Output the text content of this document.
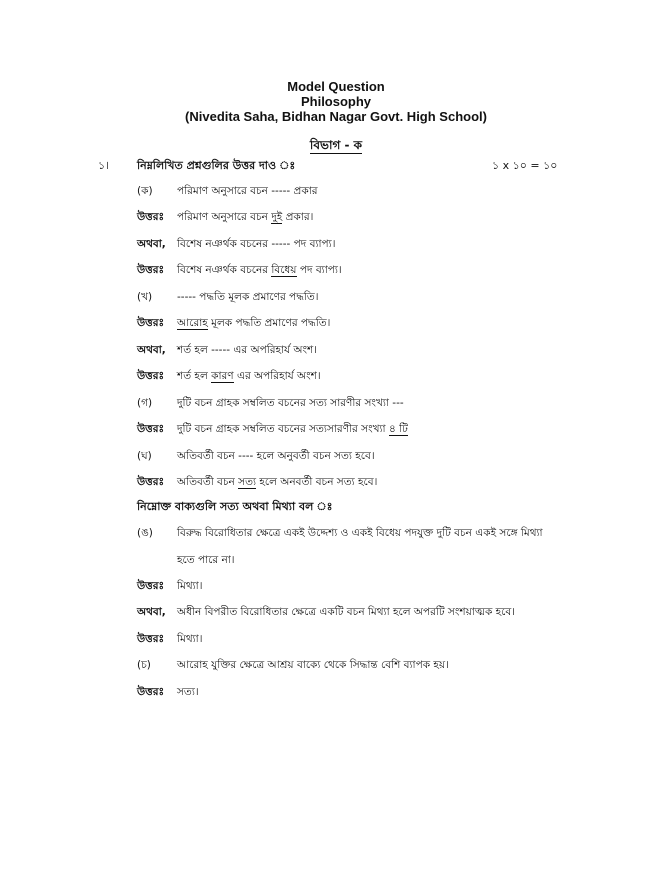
Model Question
Philosophy
(Nivedita Saha, Bidhan Nagar Govt. High School)
বিভাগ - ক
১।	নিম্নলিখিত প্রশ্নগুলির উত্তর দাও ঃ	১ x ১০ = ১০
(ক) পরিমাণ অনুসারে বচন ----- প্রকার
উত্তরঃ পরিমাণ অনুসারে বচন দুই প্রকার।
অথবা, বিশেষ নঞর্থক বচনের ----- পদ ব্যাপ্য।
উত্তরঃ বিশেষ নঞর্থক বচনের বিধেয় পদ ব্যাপ্য।
(খ) ----- পদ্ধতি মূলক প্রমাণের পদ্ধতি।
উত্তরঃ আরোহ মূলক পদ্ধতি প্রমাণের পদ্ধতি।
অথবা, শর্ত হল ----- এর অপরিহার্য অংশ।
উত্তরঃ শর্ত হল কারণ এর অপরিহার্য অংশ।
(গ) দুটি বচন গ্রাহক সম্বলিত বচনের সত্য সারণীর সংখ্যা ---
উত্তরঃ দুটি বচন গ্রাহক সম্বলিত বচনের সত্যসারণীর সংখ্যা ৪ টি
(ঘ) অতিবর্তী বচন ---- হলে অনুবর্তী বচন সত্য হবে।
উত্তরঃ অতিবর্তী বচন সত্য হলে অনবর্তী বচন সত্য হবে।
নিম্নোক্ত বাক্যগুলি সত্য অথবা মিথ্যা বল ঃ
(ঙ) বিরুদ্ধ বিরোধিতার ক্ষেত্রে একই উদ্দেশ্য ও একই বিধেয় পদযুক্ত দুটি বচন একই সঙ্গে মিথ্যা
হতে পারে না।
উত্তরঃ মিথ্যা।
অথবা, অধীন বিপরীত বিরোধিতার ক্ষেত্রে একটি বচন মিথ্যা হলে অপরটি সংশয়াত্মক হবে।
উত্তরঃ মিথ্যা।
(চ) আরোহ যুক্তির ক্ষেত্রে আশ্রয় বাক্যে থেকে সিদ্ধান্ত বেশি ব্যাপক হয়।
উত্তরঃ সত্য।
